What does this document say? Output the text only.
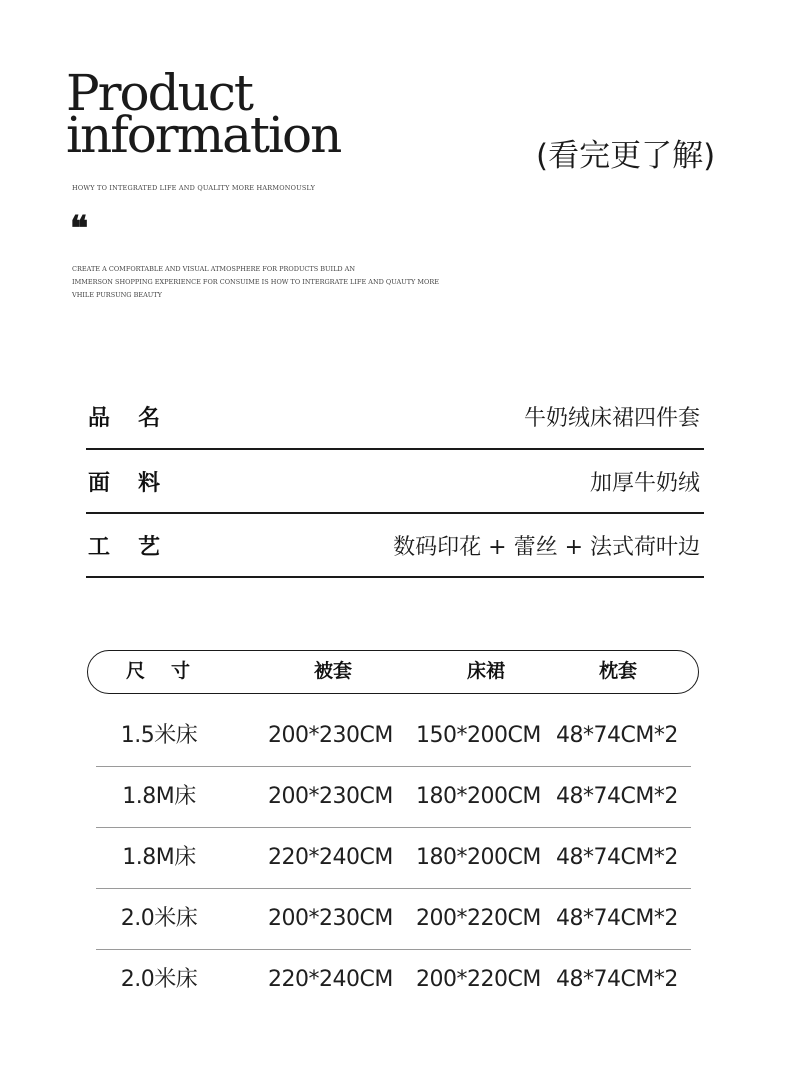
Product
information	(看完更了解)
HOWY TO INTEGRATED LIFE AND QUALITY MORE HARMONOUSLY
❝
CREATE A COMFORTABLE AND VISUAL ATMOSPHERE FOR PRODUCTS BUILD AN
IMMERSON SHOPPING EXPERIENCE FOR CONSUIME IS HOW TO INTERGRATE LIFE AND QUAUTY MORE
VHILE PURSUNG BEAUTY
品名	牛奶绒床裙四件套
面料	加厚牛奶绒
工艺	数码印花 + 蕾丝 + 法式荷叶边
尺寸	被套	床裙	枕套
1.5米床	200*230CM 150*200CM 48*74CM*2
1.8M床	200*230CM 180*200CM 48*74CM*2
1.8M床	220*240CM 180*200CM 48*74CM*2
2.0米床	200*230CM 200*220CM 48*74CM*2
2.0米床	220*240CM 200*220CM 48*74CM*2
